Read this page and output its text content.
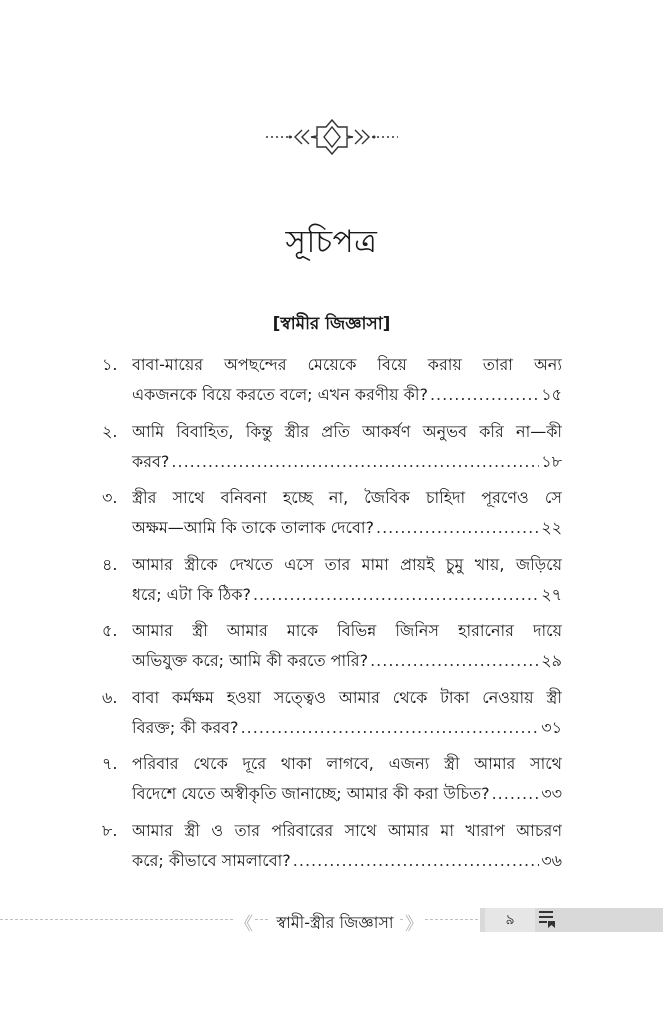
সূচিপত্র
[স্বামীর জিজ্ঞাসা]
১. বাবা-মায়ের অপছন্দের মেয়েকে বিয়ে করায় তারা অন্য
একজনকে বিয়ে করতে বলে; এখন করণীয় কী? .....	১৫
২. আমি বিবাহিত, কিন্তু স্ত্রীর প্রতি আকর্ষণ অনুভব করি না—কী
করব? .....	১৮
৩. স্ত্রীর সাথে বনিবনা হচ্ছে না, জৈবিক চাহিদা পূরণেও সে
অক্ষম—আমি কি তাকে তালাক দেবো? .....	২২
৪. আমার স্ত্রীকে দেখতে এসে তার মামা প্রায়ই চুমু খায়, জড়িয়ে
ধরে; এটা কি ঠিক? .....	২৭
৫. আমার স্ত্রী আমার মাকে বিভিন্ন জিনিস হারানোর দায়ে
অভিযুক্ত করে; আমি কী করতে পারি? .....	২৯
৬. বাবা কর্মক্ষম হওয়া সত্ত্বেও আমার থেকে টাকা নেওয়ায় স্ত্রী
বিরক্ত; কী করব? .....	৩১
৭. পরিবার থেকে দূরে থাকা লাগবে, এজন্য স্ত্রী আমার সাথে
বিদেশে যেতে অস্বীকৃতি জানাচ্ছে; আমার কী করা উচিত? .....	৩৩
৮. আমার স্ত্রী ও তার পরিবারের সাথে আমার মা খারাপ আচরণ
করে; কীভাবে সামলাবো? .....	৩৬
《	স্বামী-স্ত্রীর জিজ্ঞাসা 》	৯
